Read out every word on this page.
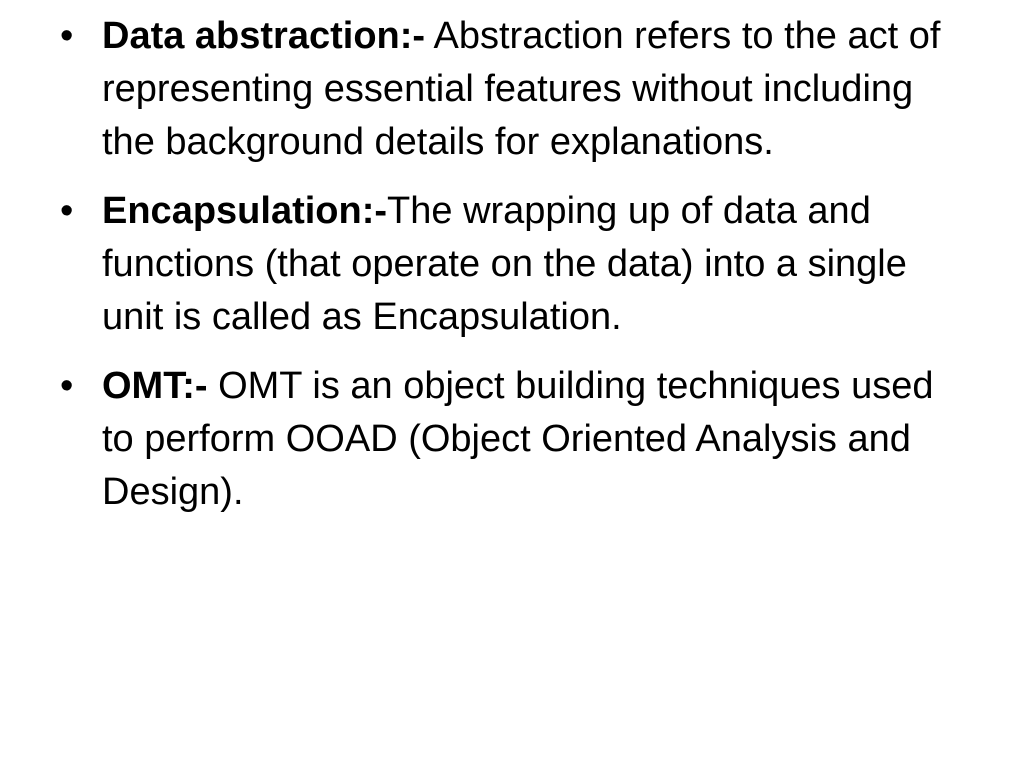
• Data abstraction:- Abstraction refers to the act of representing essential features without including the background details for explanations.
• Encapsulation:-The wrapping up of data and functions (that operate on the data) into a single unit is called as Encapsulation.
• OMT:- OMT is an object building techniques used to perform OOAD (Object Oriented Analysis and Design).
